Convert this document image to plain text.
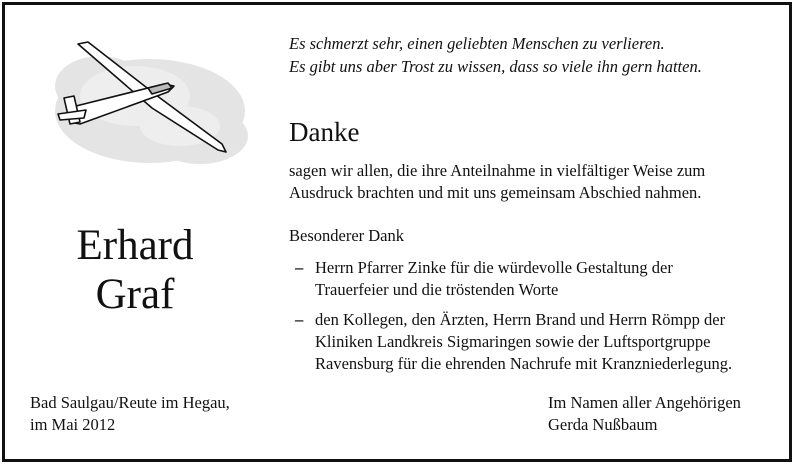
Es schmerzt sehr, einen geliebten Menschen zu verlieren.
Es gibt uns aber Trost zu wissen, dass so viele ihn gern hatten.
Danke
sagen wir allen, die ihre Anteilnahme in vielfältiger Weise zum
Ausdruck brachten und mit uns gemeinsam Abschied nahmen.
Erhard
Graf
Besonderer Dank
– Herrn Pfarrer Zinke für die würdevolle Gestaltung der
Trauerfeier und die tröstenden Worte
– den Kollegen, den Ärzten, Herrn Brand und Herrn Römpp der
Kliniken Landkreis Sigmaringen sowie der Luftsportgruppe
Ravensburg für die ehrenden Nachrufe mit Kranzniederlegung.
Bad Saulgau/Reute im Hegau,
im Mai 2012
Im Namen aller Angehörigen
Gerda Nußbaum
